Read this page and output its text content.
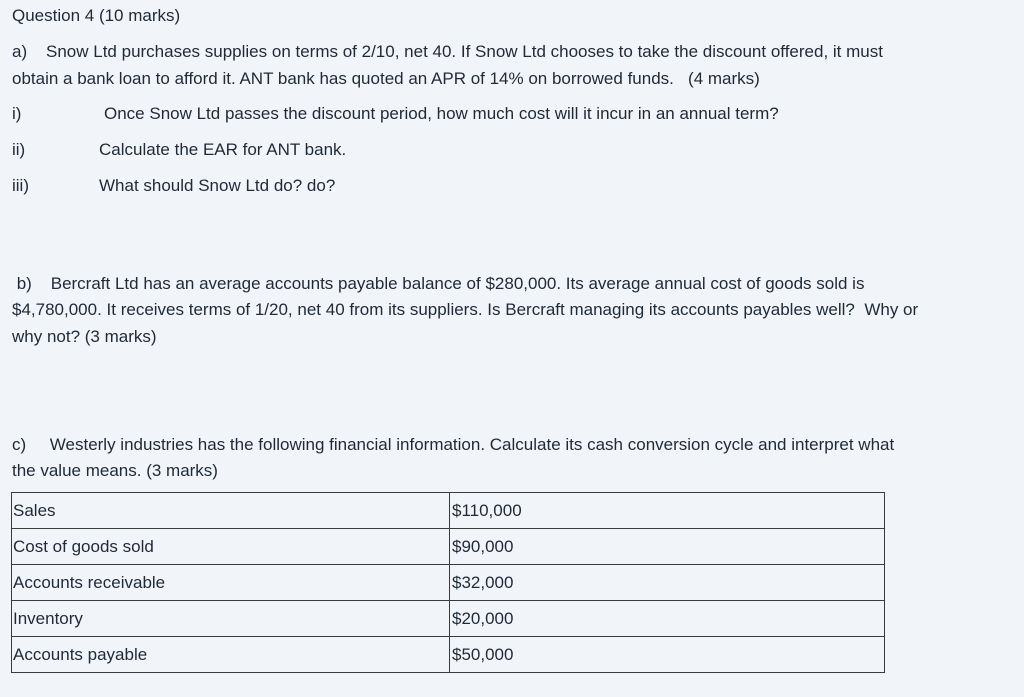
Question 4 (10 marks)
a)    Snow Ltd purchases supplies on terms of 2/10, net 40. If Snow Ltd chooses to take the discount offered, it must
obtain a bank loan to afford it. ANT bank has quoted an APR of 14% on borrowed funds.   (4 marks)
i)	Once Snow Ltd passes the discount period, how much cost will it incur in an annual term?
ii)	Calculate the EAR for ANT bank.
iii)	What should Snow Ltd do? do?
b)    Bercraft Ltd has an average accounts payable balance of $280,000. Its average annual cost of goods sold is
$4,780,000. It receives terms of 1/20, net 40 from its suppliers. Is Bercraft managing its accounts payables well?  Why or
why not? (3 marks)
c)     Westerly industries has the following financial information. Calculate its cash conversion cycle and interpret what
the value means. (3 marks)
Sales	$110,000
Cost of goods sold	$90,000
Accounts receivable	$32,000
Inventory	$20,000
Accounts payable	$50,000
